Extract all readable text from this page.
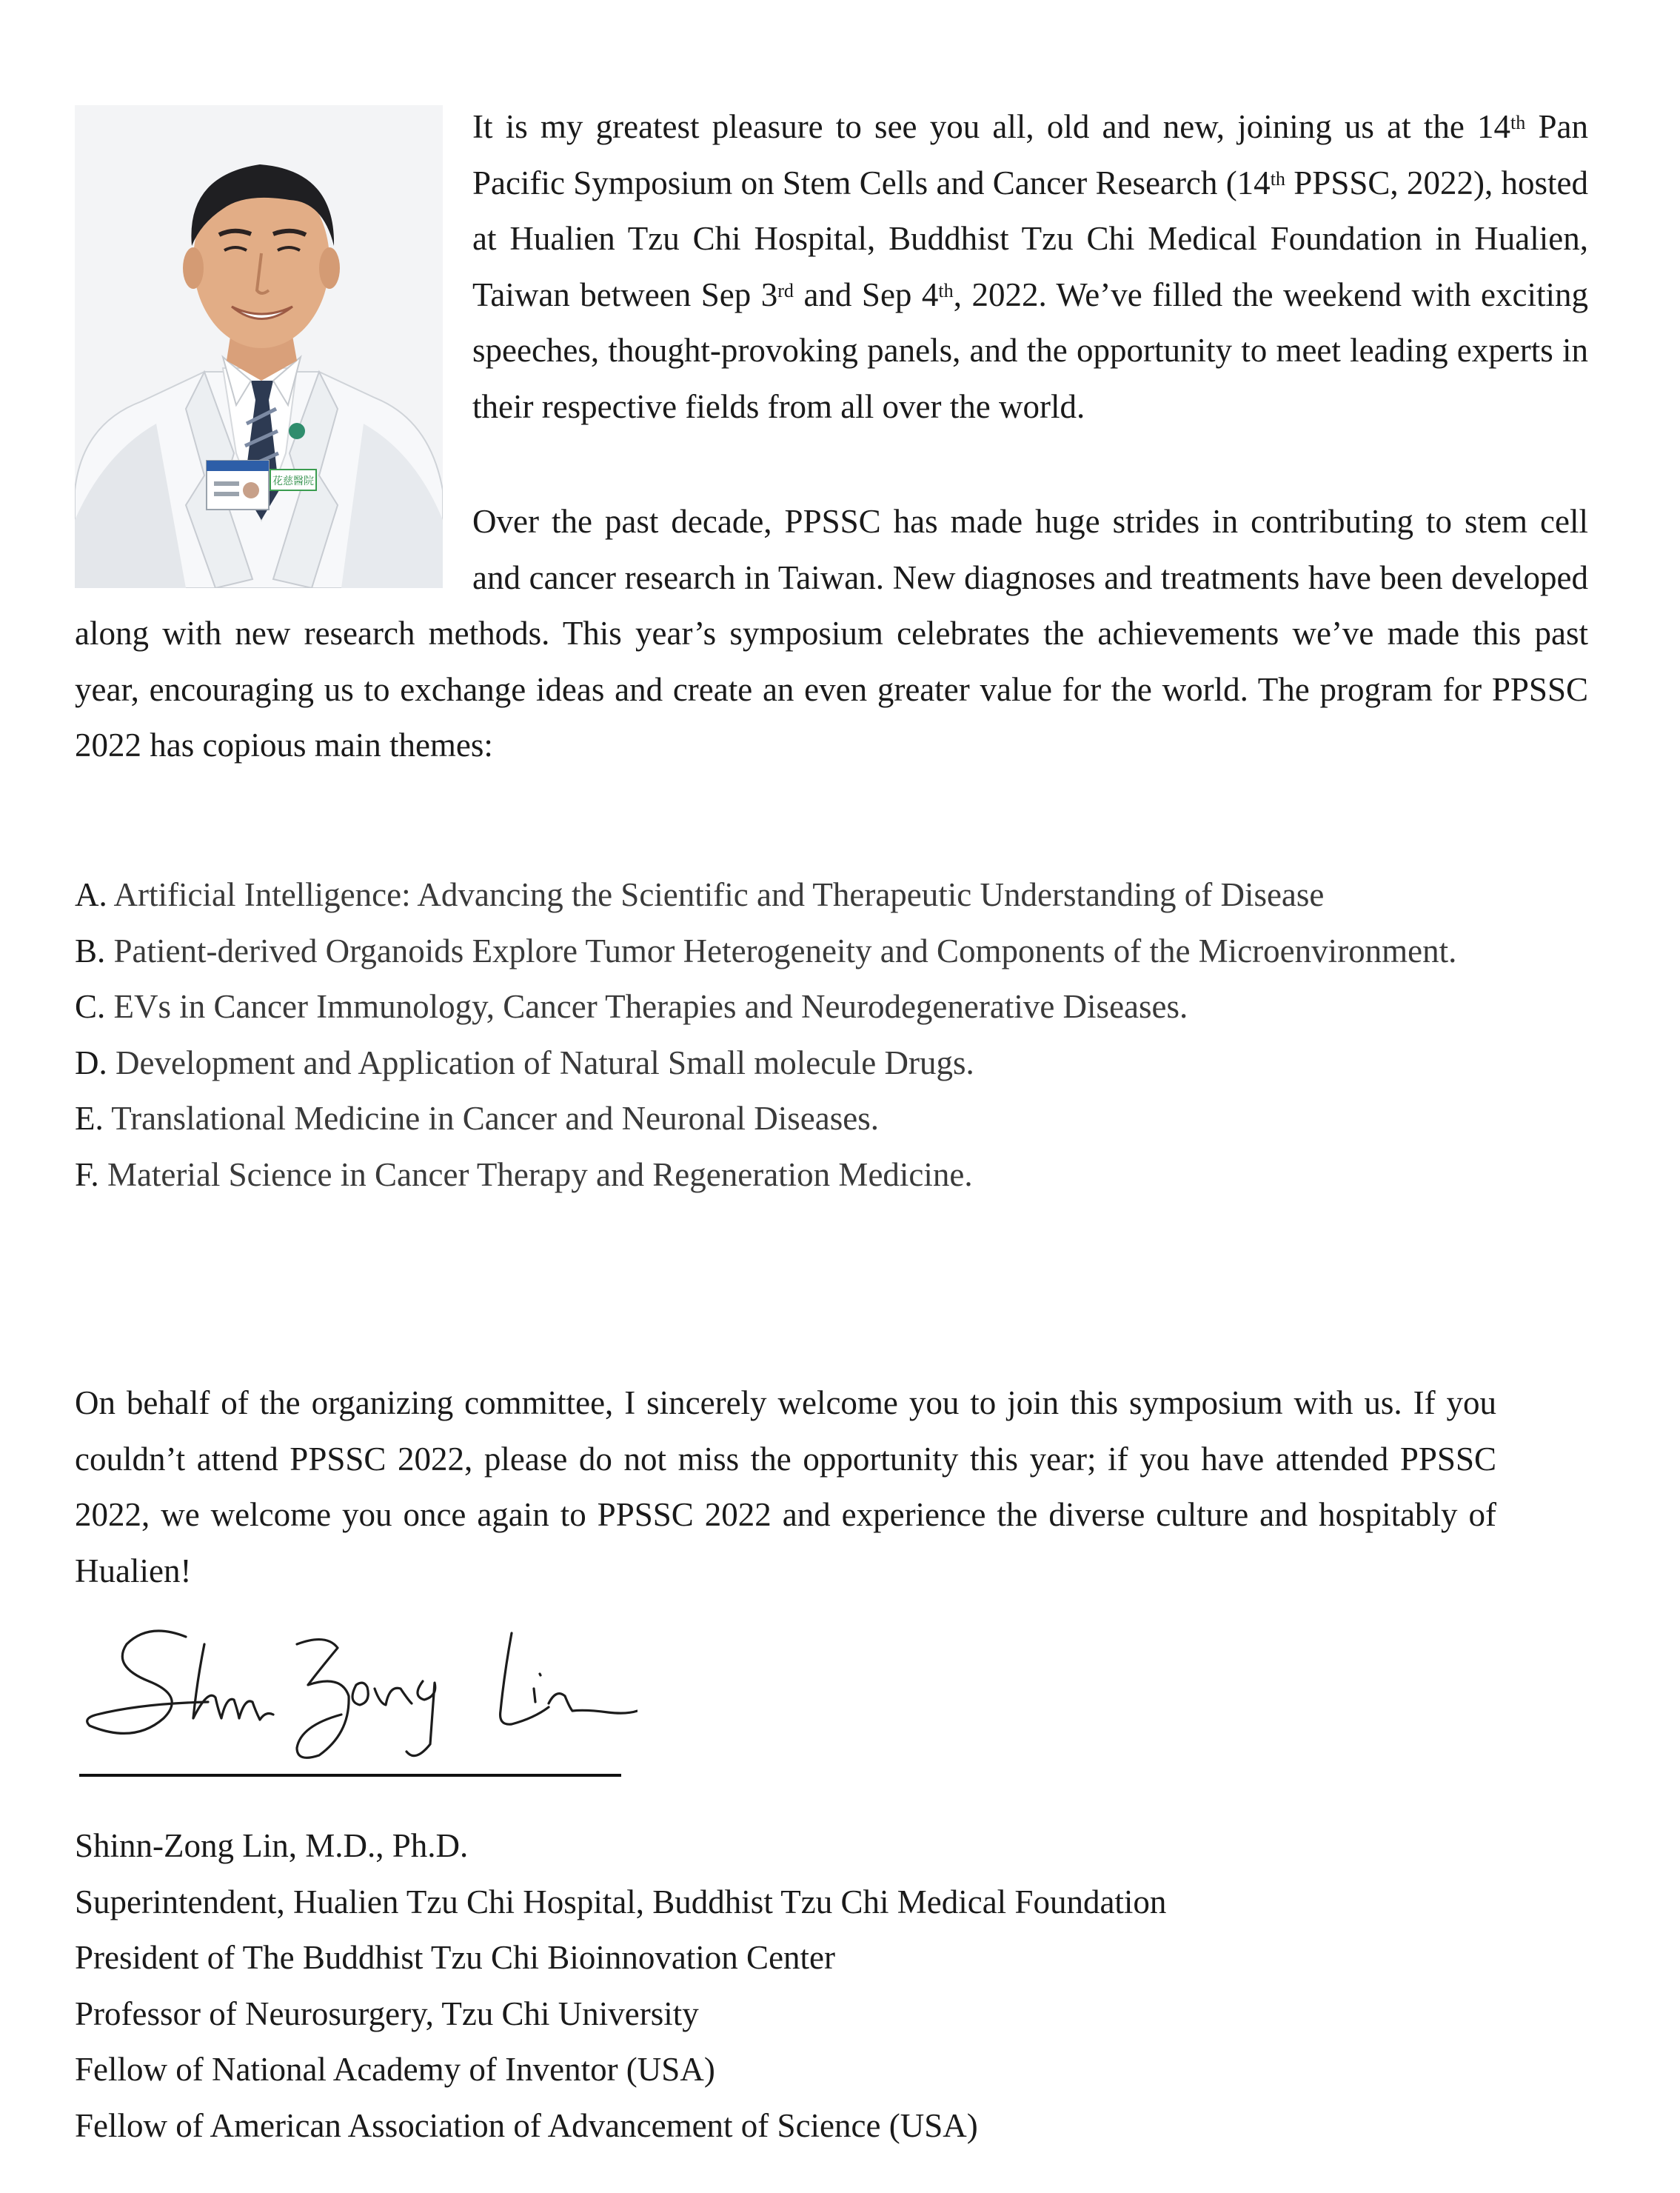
花慈醫院

It is my greatest pleasure to see you all, old and new, joining us at the 14th Pan Pacific Symposium on Stem Cells and Cancer Research (14th PPSSC, 2022), hosted at Hualien Tzu Chi Hospital, Buddhist Tzu Chi Medical Foundation in Hualien, Taiwan between Sep 3rd and Sep 4th, 2022. We’ve filled the weekend with exciting speeches, thought-provoking panels, and the opportunity to meet leading experts in their respective fields from all over the world.

Over the past decade, PPSSC has made huge strides in contributing to stem cell and cancer research in Taiwan. New diagnoses and treatments have been developed along with new research methods. This year’s symposium celebrates the achievements we’ve made this past year, encouraging us to exchange ideas and create an even greater value for the world. The program for PPSSC 2022 has copious main themes:

A. Artificial Intelligence: Advancing the Scientific and Therapeutic Understanding of Disease
B. Patient-derived Organoids Explore Tumor Heterogeneity and Components of the Microenvironment.
C. EVs in Cancer Immunology, Cancer Therapies and Neurodegenerative Diseases.
D. Development and Application of Natural Small molecule Drugs.
E. Translational Medicine in Cancer and Neuronal Diseases.
F. Material Science in Cancer Therapy and Regeneration Medicine.

On behalf of the organizing committee, I sincerely welcome you to join this symposium with us. If you couldn’t attend PPSSC 2022, please do not miss the opportunity this year; if you have attended PPSSC 2022, we welcome you once again to PPSSC 2022 and experience the diverse culture and hospitably of Hualien!

Shinn-Zong Lin, M.D., Ph.D.

Superintendent, Hualien Tzu Chi Hospital, Buddhist Tzu Chi Medical Foundation

President of The Buddhist Tzu Chi Bioinnovation Center

Professor of Neurosurgery, Tzu Chi University

Fellow of National Academy of Inventor (USA)

Fellow of American Association of Advancement of Science (USA)
